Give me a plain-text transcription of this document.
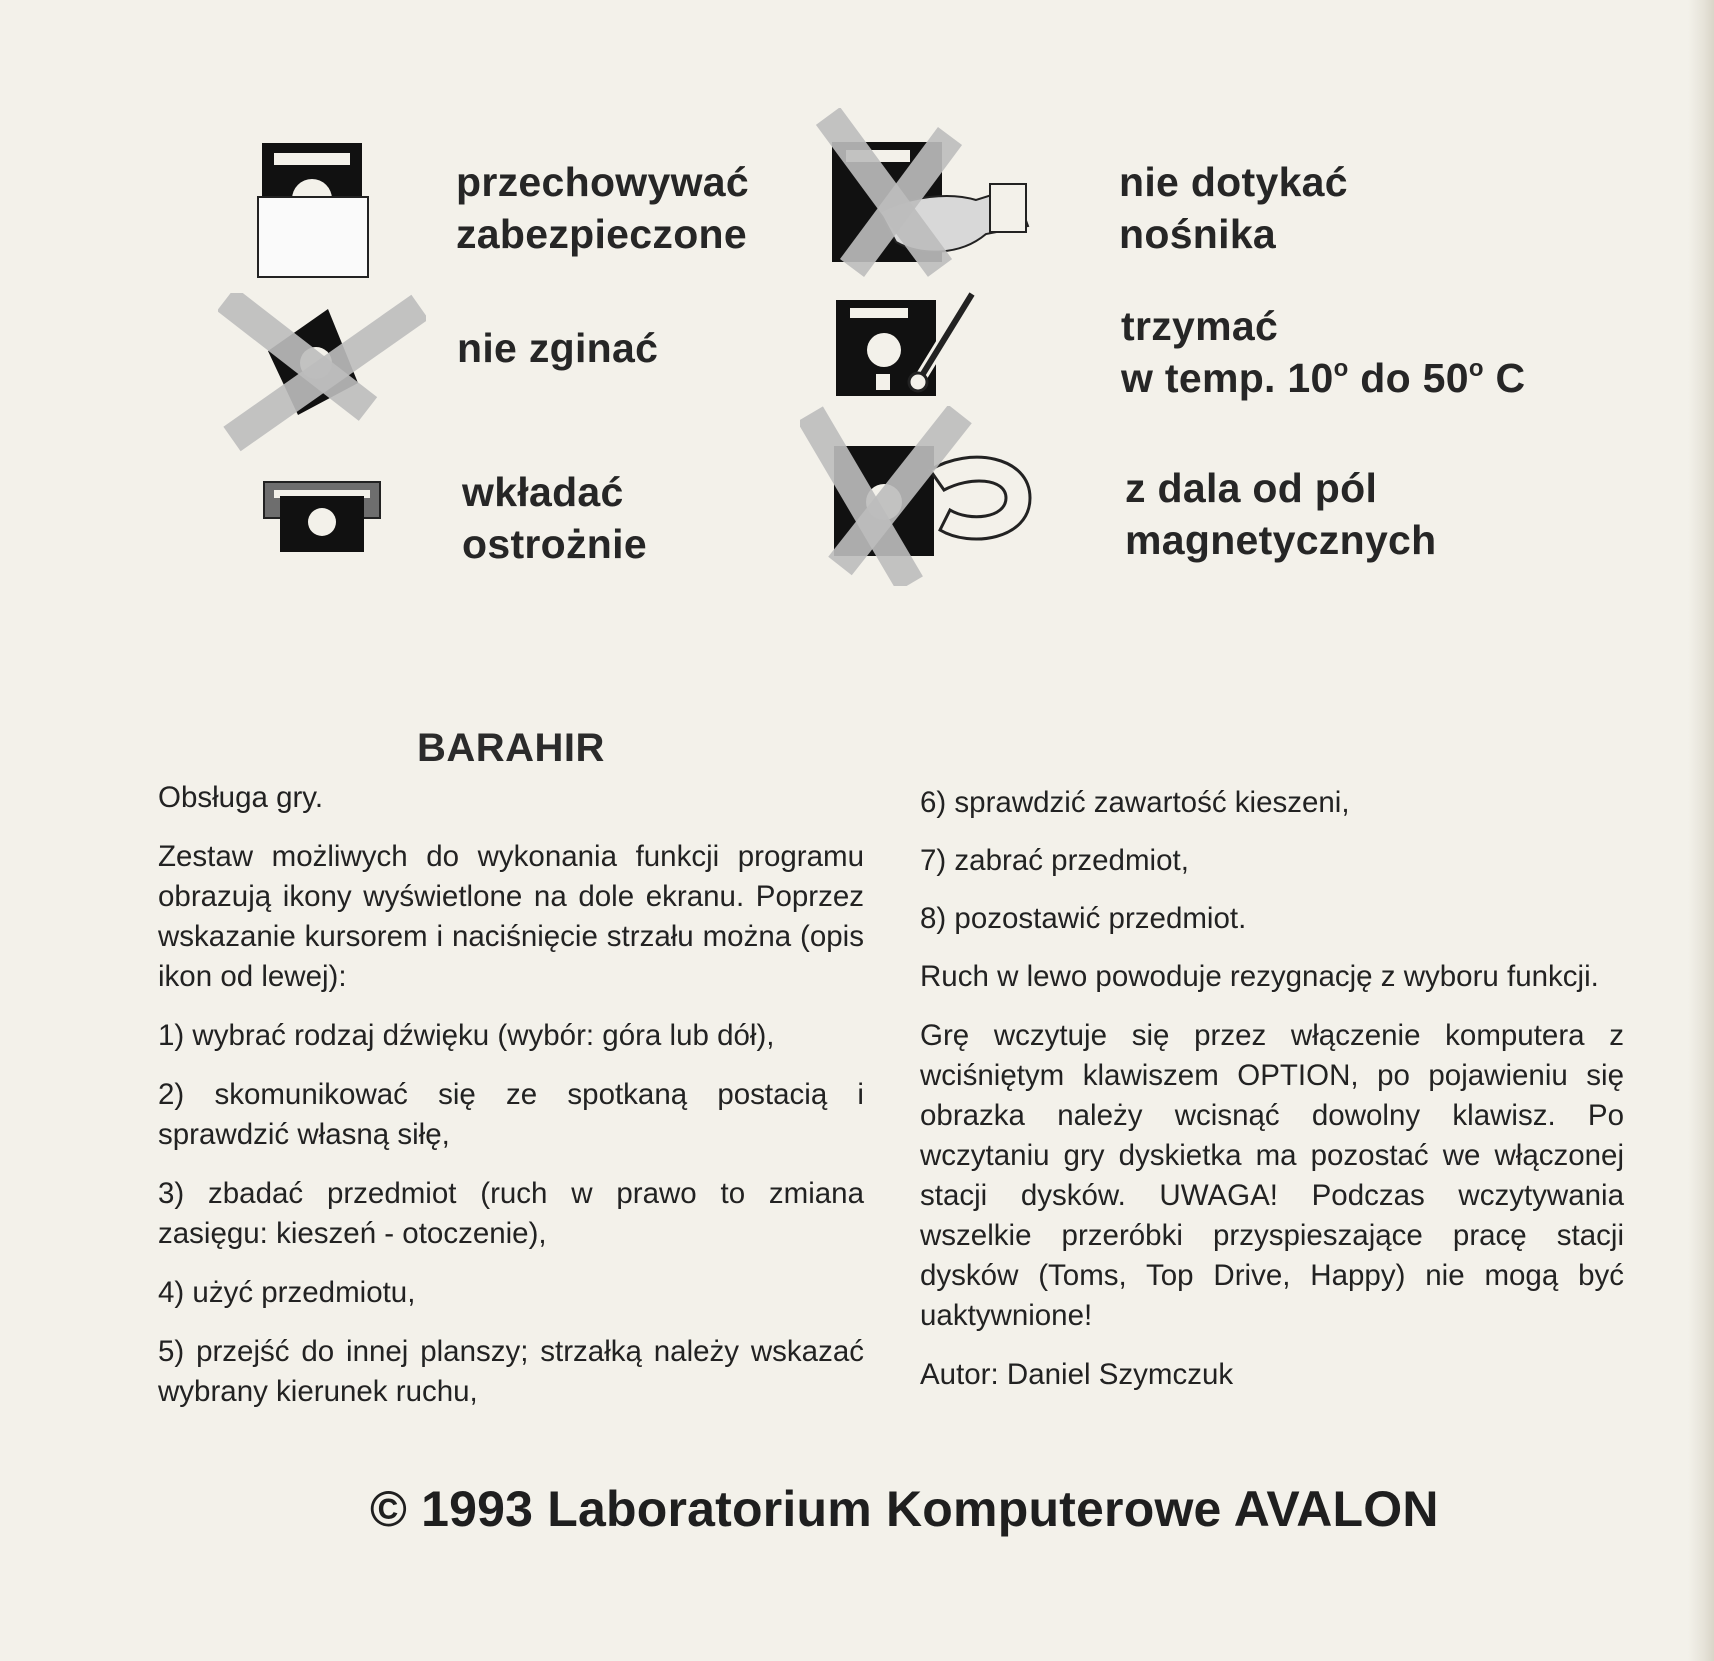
przechowywać
zabezpieczone
nie dotykać
nośnika
nie zginać	trzymać
w temp. 10$^o$ do 50$^o$ C
wkładać
ostrożnie
z dala od pól
magnetycznych
BARAHIR

Obsługa gry.

Zestaw możliwych do wykonania funkcji programu obrazują ikony wyświetlone na dole ekranu. Poprzez wskazanie kursorem i naciśnięcie strzału można (opis ikon od lewej):

1) wybrać rodzaj dźwięku (wybór: góra lub dół),

2) skomunikować się ze spotkaną postacią i sprawdzić własną siłę,

3) zbadać przedmiot (ruch w prawo to zmiana zasięgu: kieszeń - otoczenie),

4) użyć przedmiotu,

5) przejść do innej planszy; strzałką należy wskazać wybrany kierunek ruchu,

6) sprawdzić zawartość kieszeni,

7) zabrać przedmiot,

8) pozostawić przedmiot.

Ruch w lewo powoduje rezygnację z wyboru funkcji.

Grę wczytuje się przez włączenie komputera z wciśniętym klawiszem OPTION, po pojawieniu się obrazka należy wcisnąć dowolny klawisz. Po wczytaniu gry dyskietka ma pozostać we włączonej stacji dysków. UWAGA! Podczas wczytywania wszelkie przeróbki przyspieszające pracę stacji dysków (Toms, Top Drive, Happy) nie mogą być uaktywnione!

Autor: Daniel Szymczuk

© 1993 Laboratorium Komputerowe AVALON
